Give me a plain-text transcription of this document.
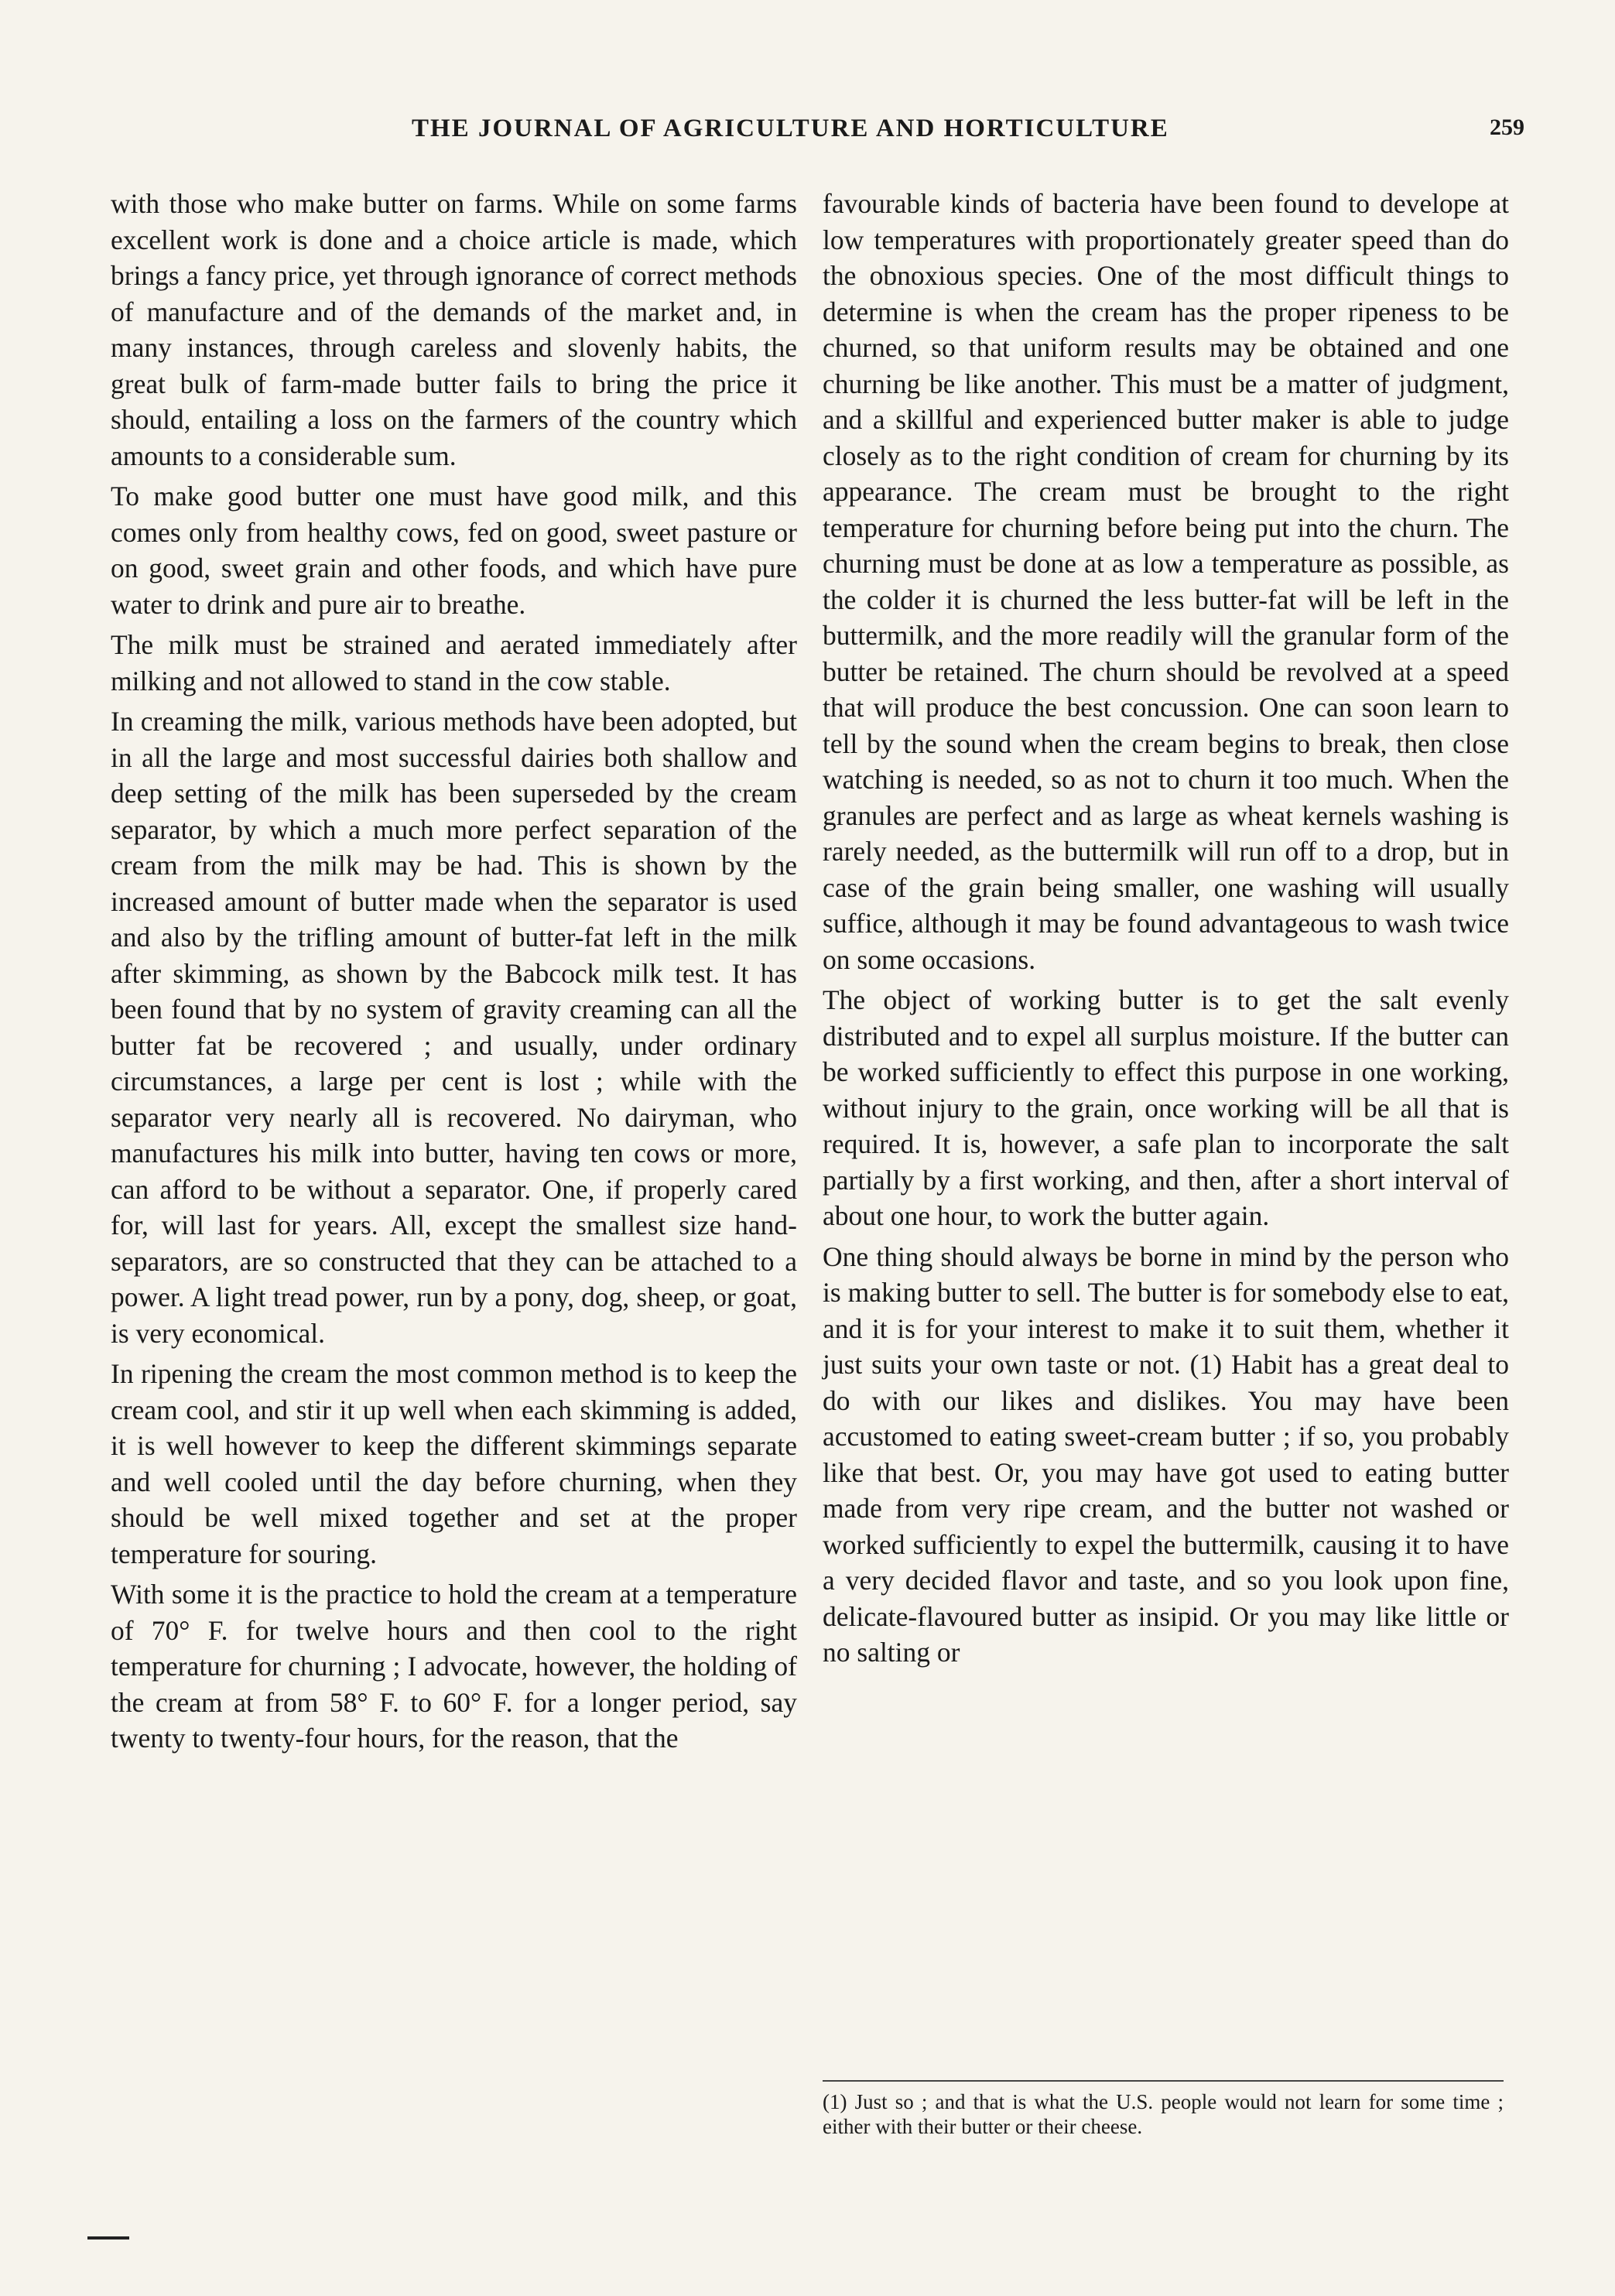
THE JOURNAL OF AGRICULTURE AND HORTICULTURE	259

with those who make butter on farms. While on some farms excellent work is done and a choice article is made, which brings a fancy price, yet through ignorance of correct methods of manufacture and of the demands of the market and, in many instances, through careless and slovenly habits, the great bulk of farm-made butter fails to bring the price it should, entailing a loss on the farmers of the country which amounts to a considerable sum.

To make good butter one must have good milk, and this comes only from healthy cows, fed on good, sweet pasture or on good, sweet grain and other foods, and which have pure water to drink and pure air to breathe.

The milk must be strained and aerated immediately after milking and not allowed to stand in the cow stable.

In creaming the milk, various methods have been adopted, but in all the large and most successful dairies both shallow and deep setting of the milk has been superseded by the cream separator, by which a much more perfect separation of the cream from the milk may be had. This is shown by the increased amount of butter made when the separator is used and also by the trifling amount of butter-fat left in the milk after skimming, as shown by the Babcock milk test. It has been found that by no system of gravity creaming can all the butter fat be recovered ; and usually, under ordinary circumstances, a large per cent is lost ; while with the separator very nearly all is recovered. No dairyman, who manufactures his milk into butter, having ten cows or more, can afford to be without a separator. One, if properly cared for, will last for years. All, except the smallest size hand-separators, are so constructed that they can be attached to a power. A light tread power, run by a pony, dog, sheep, or goat, is very economical.

In ripening the cream the most common method is to keep the cream cool, and stir it up well when each skimming is added, it is well however to keep the different skimmings separate and well cooled until the day before churning, when they should be well mixed together and set at the proper temperature for souring.

With some it is the practice to hold the cream at a temperature of 70° F. for twelve hours and then cool to the right temperature for churning ; I advocate, however, the holding of the cream at from 58° F. to 60° F. for a longer period, say twenty to twenty-four hours, for the reason, that the

favourable kinds of bacteria have been found to develope at low temperatures with proportionately greater speed than do the obnoxious species. One of the most difficult things to determine is when the cream has the proper ripeness to be churned, so that uniform results may be obtained and one churning be like another. This must be a matter of judgment, and a skillful and experienced butter maker is able to judge closely as to the right condition of cream for churning by its appearance. The cream must be brought to the right temperature for churning before being put into the churn. The churning must be done at as low a temperature as possible, as the colder it is churned the less butter-fat will be left in the buttermilk, and the more readily will the granular form of the butter be retained. The churn should be revolved at a speed that will produce the best concussion. One can soon learn to tell by the sound when the cream begins to break, then close watching is needed, so as not to churn it too much. When the granules are perfect and as large as wheat kernels washing is rarely needed, as the buttermilk will run off to a drop, but in case of the grain being smaller, one washing will usually suffice, although it may be found advantageous to wash twice on some occasions.

The object of working butter is to get the salt evenly distributed and to expel all surplus moisture. If the butter can be worked sufficiently to effect this purpose in one working, without injury to the grain, once working will be all that is required. It is, however, a safe plan to incorporate the salt partially by a first working, and then, after a short interval of about one hour, to work the butter again.

One thing should always be borne in mind by the person who is making butter to sell. The butter is for somebody else to eat, and it is for your interest to make it to suit them, whether it just suits your own taste or not. (1) Habit has a great deal to do with our likes and dislikes. You may have been accustomed to eating sweet-cream butter ; if so, you probably like that best. Or, you may have got used to eating butter made from very ripe cream, and the butter not washed or worked sufficiently to expel the buttermilk, causing it to have a very decided flavor and taste, and so you look upon fine, delicate-flavoured butter as insipid. Or you may like little or no salting or

(1) Just so ; and that is what the U.S. people would not learn for some time ; either with their butter or their cheese.
